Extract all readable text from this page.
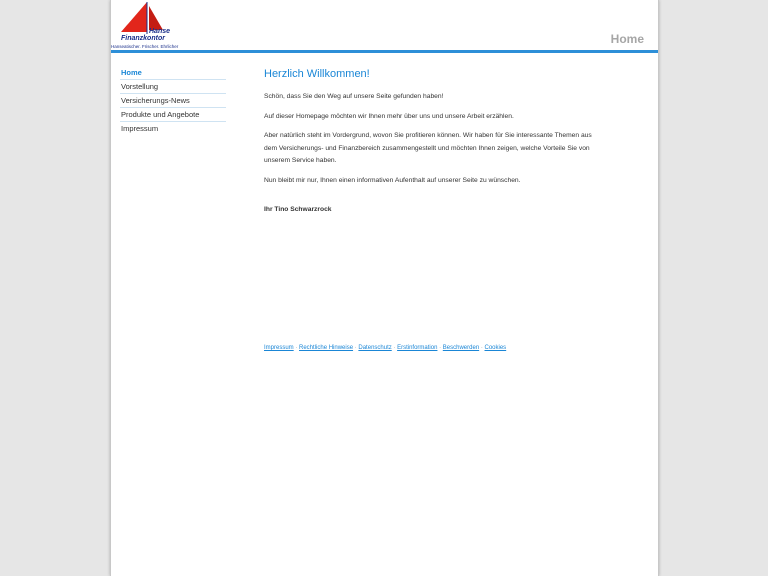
Hanse
Finanzkontor
Hanseatischer. Frischer. Ehrlicher
Home
Home
Vorstellung
Versicherungs-News
Produkte und Angebote
Impressum
Herzlich Willkommen!

Schön, dass Sie den Weg auf unsere Seite gefunden haben!

Auf dieser Homepage möchten wir Ihnen mehr über uns und unsere Arbeit erzählen.

Aber natürlich steht im Vordergrund, wovon Sie profitieren können. Wir haben für Sie interessante Themen aus dem Versicherungs- und Finanzbereich zusammengestellt und möchten Ihnen zeigen, welche Vorteile Sie von unserem Service haben.

Nun bleibt mir nur, Ihnen einen informativen Aufenthalt auf unserer Seite zu wünschen.

Ihr Tino Schwarzrock
Impressum · Rechtliche Hinweise · Datenschutz · Erstinformation · Beschwerden · Cookies
